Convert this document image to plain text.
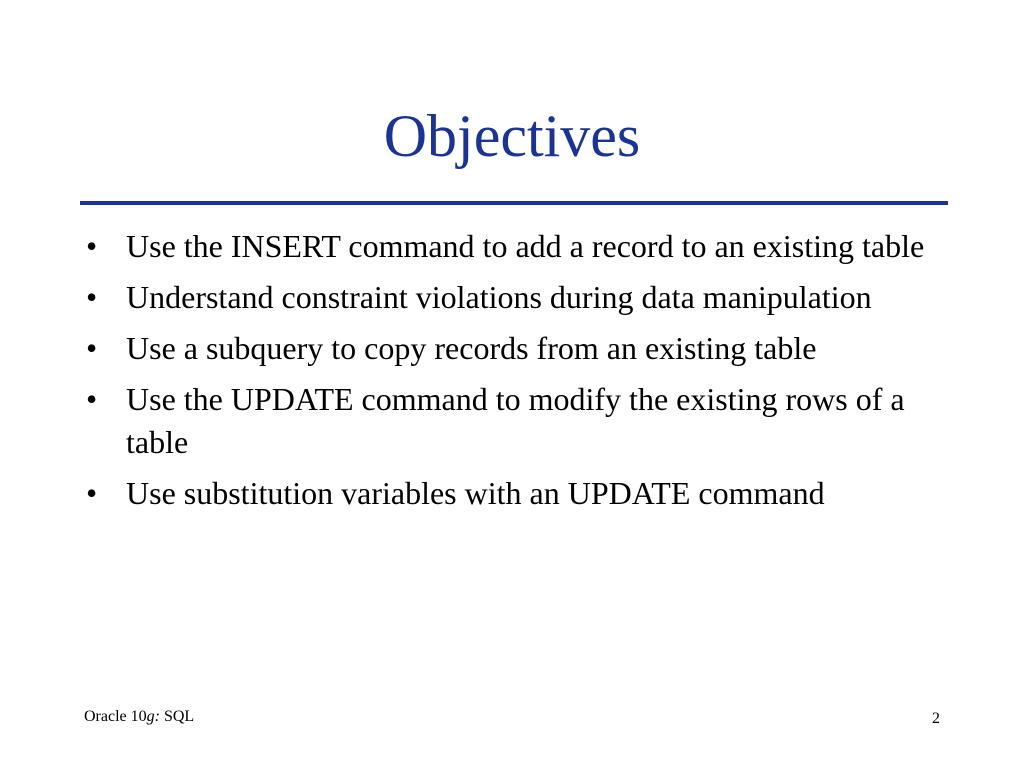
Objectives
• Use the INSERT command to add a record to an existing table
• Understand constraint violations during data manipulation
• Use a subquery to copy records from an existing table
• Use the UPDATE command to modify the existing rows of a table
• Use substitution variables with an UPDATE command
Oracle 10g: SQL	2
